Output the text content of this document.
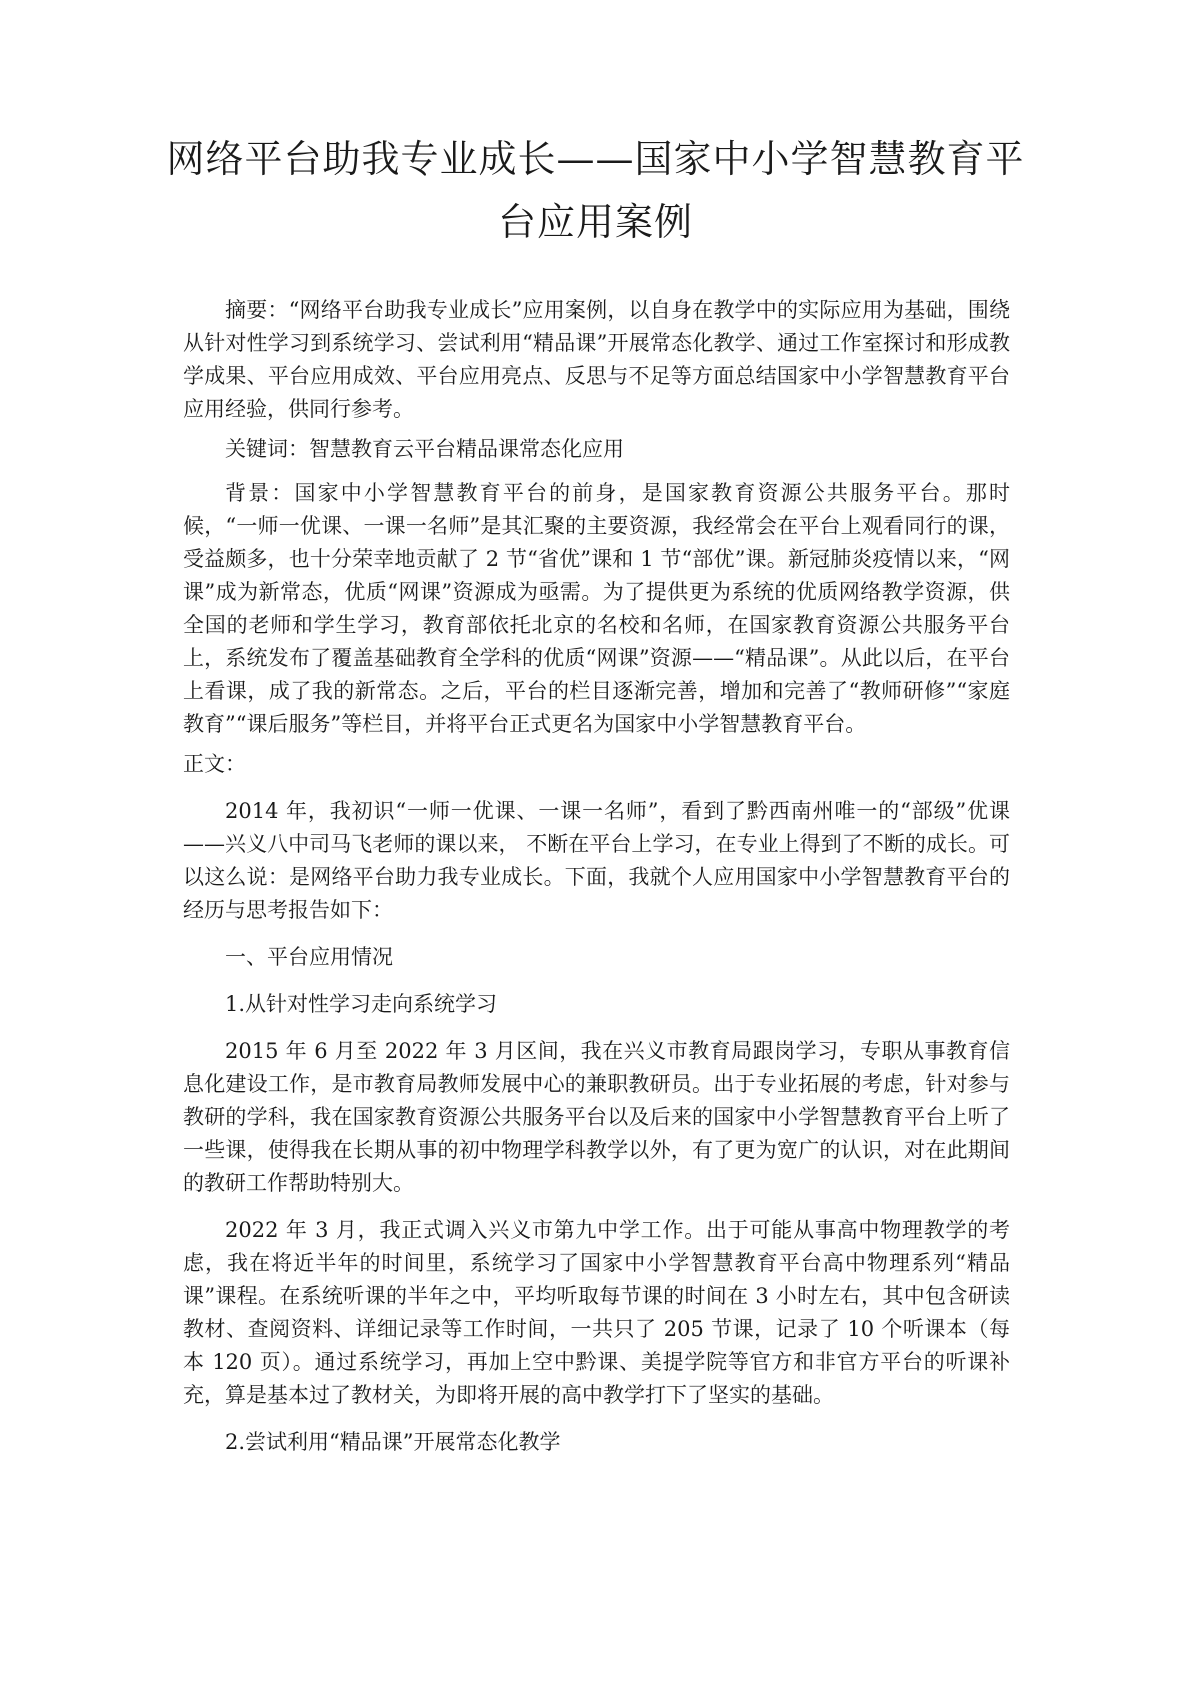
网络平台助我专业成长——国家中小学智慧教育平台应用案例

摘要：“网络平台助我专业成长”应用案例，以自身在教学中的实际应用为基础，围绕从针对性学习到系统学习、尝试利用“精品课”开展常态化教学、通过工作室探讨和形成教学成果、平台应用成效、平台应用亮点、反思与不足等方面总结国家中小学智慧教育平台应用经验，供同行参考。

关键词：智慧教育云平台精品课常态化应用

背景：国家中小学智慧教育平台的前身，是国家教育资源公共服务平台。那时候，“一师一优课、一课一名师”是其汇聚的主要资源，我经常会在平台上观看同行的课，受益颇多，也十分荣幸地贡献了 2 节“省优”课和 1 节“部优”课。新冠肺炎疫情以来，“网课”成为新常态，优质“网课”资源成为亟需。为了提供更为系统的优质网络教学资源，供全国的老师和学生学习，教育部依托北京的名校和名师，在国家教育资源公共服务平台上，系统发布了覆盖基础教育全学科的优质“网课”资源——“精品课”。从此以后，在平台上看课，成了我的新常态。之后，平台的栏目逐渐完善，增加和完善了“教师研修”“家庭教育”“课后服务”等栏目，并将平台正式更名为国家中小学智慧教育平台。

正文：

2014 年，我初识“一师一优课、一课一名师”，看到了黔西南州唯一的“部级”优课——兴义八中司马飞老师的课以来， 不断在平台上学习，在专业上得到了不断的成长。可以这么说：是网络平台助力我专业成长。下面，我就个人应用国家中小学智慧教育平台的经历与思考报告如下：

一、平台应用情况

1.从针对性学习走向系统学习

2015 年 6 月至 2022 年 3 月区间，我在兴义市教育局跟岗学习，专职从事教育信息化建设工作，是市教育局教师发展中心的兼职教研员。出于专业拓展的考虑，针对参与教研的学科，我在国家教育资源公共服务平台以及后来的国家中小学智慧教育平台上听了一些课，使得我在长期从事的初中物理学科教学以外，有了更为宽广的认识，对在此期间的教研工作帮助特别大。

2022 年 3 月，我正式调入兴义市第九中学工作。出于可能从事高中物理教学的考虑，我在将近半年的时间里，系统学习了国家中小学智慧教育平台高中物理系列“精品课”课程。在系统听课的半年之中，平均听取每节课的时间在 3 小时左右，其中包含研读教材、查阅资料、详细记录等工作时间，一共只了 205 节课，记录了 10 个听课本（每本 120 页）。通过系统学习，再加上空中黔课、美提学院等官方和非官方平台的听课补充，算是基本过了教材关，为即将开展的高中教学打下了坚实的基础。

2.尝试利用“精品课”开展常态化教学
